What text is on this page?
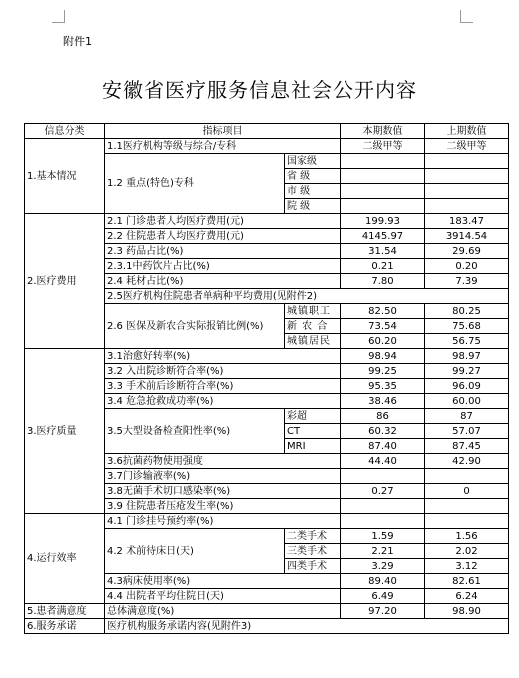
附件1
安徽省医疗服务信息社会公开内容
信息分类	指标项目		本期数值	上期数值
1.基本情况	1.1医疗机构等级与综合/专科		二级甲等	二级甲等
	1.2 重点(特色)专科	国家级		
		省 级		
		市 级		
		院 级		
2.医疗费用	2.1 门诊患者人均医疗费用(元)		199.93	183.47
	2.2 住院患者人均医疗费用(元)		4145.97	3914.54
	2.3 药品占比(%)		31.54	29.69
	2.3.1中药饮片占比(%)		0.21	0.20
	2.4 耗材占比(%)		7.80	7.39
	2.5医疗机构住院患者单病种平均费用(见附件2)			
	2.6 医保及新农合实际报销比例(%)	城镇职工	82.50	80.25
		新 农 合	73.54	75.68
		城镇居民	60.20	56.75
3.医疗质量	3.1治愈好转率(%)		98.94	98.97
	3.2 入出院诊断符合率(%)		99.25	99.27
	3.3 手术前后诊断符合率(%)		95.35	96.09
	3.4 危急抢救成功率(%)		38.46	60.00
	3.5大型设备检查阳性率(%)	彩超	86	87
		CT	60.32	57.07
		MRI	87.40	87.45
	3.6抗菌药物使用强度		44.40	42.90
	3.7门诊输液率(%)			
	3.8无菌手术切口感染率(%)		0.27	0
	3.9 住院患者压疮发生率(%)			
4.运行效率	4.1 门诊挂号预约率(%)			
	4.2 术前待床日(天)	二类手术	1.59	1.56
		三类手术	2.21	2.02
		四类手术	3.29	3.12
	4.3病床使用率(%)		89.40	82.61
	4.4 出院者平均住院日(天)		6.49	6.24
5.患者满意度	总体满意度(%)		97.20	98.90
6.服务承诺	医疗机构服务承诺内容(见附件3)			
